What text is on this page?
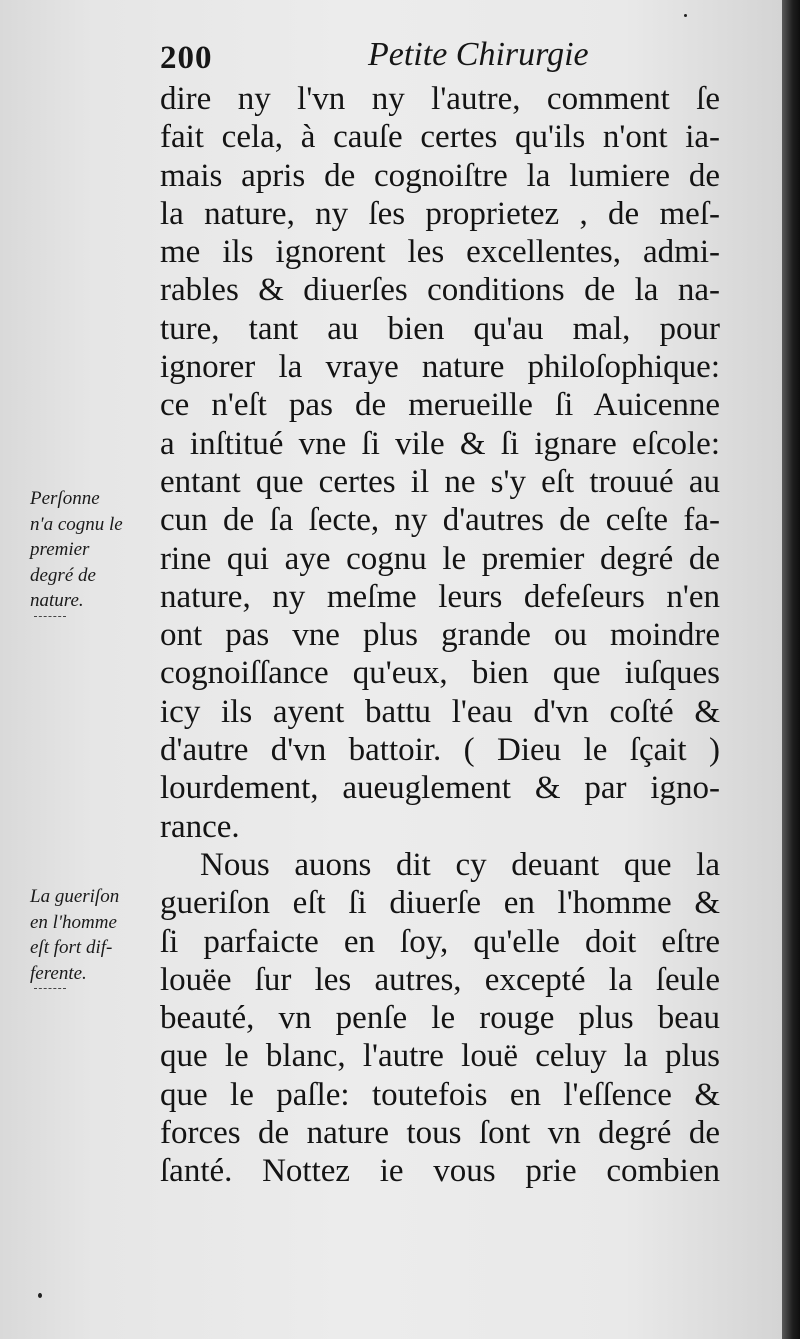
200	Petite Chirurgie
dire ny l'vn ny l'autre, comment ſe
fait cela, à cauſe certes qu'ils n'ont ia-
mais apris de cognoiſtre la lumiere de
la nature, ny ſes proprietez , de meſ-
me ils ignorent les excellentes, admi-
rables & diuerſes conditions de la na-
ture, tant au bien qu'au mal, pour
ignorer la vraye nature philoſophique:
ce n'eſt pas de merueille ſi Auicenne
a inſtitué vne ſi vile & ſi ignare eſcole:
entant que certes il ne s'y eſt trouué au
cun de ſa ſecte, ny d'autres de ceſte fa-
rine qui aye cognu le premier degré de
nature, ny meſme leurs defeſeurs n'en
ont pas vne plus grande ou moindre
cognoiſſance qu'eux, bien que iuſques
icy ils ayent battu l'eau d'vn coſté &
d'autre d'vn battoir. ( Dieu le ſçait )
lourdement, aueuglement & par igno-
rance.
Nous auons dit cy deuant que la
gueriſon eſt ſi diuerſe en l'homme &
ſi parfaicte en ſoy, qu'elle doit eſtre
louëe ſur les autres, excepté la ſeule
beauté, vn penſe le rouge plus beau
que le blanc, l'autre louë celuy la plus
que le paſle: toutefois en l'eſſence &
forces de nature tous ſont vn degré de
ſanté. Nottez ie vous prie combien
Perſonne
n'a cognu le
premier
degré de
nature.
La gueriſon
en l'homme
eſt fort dif-
ferente.
